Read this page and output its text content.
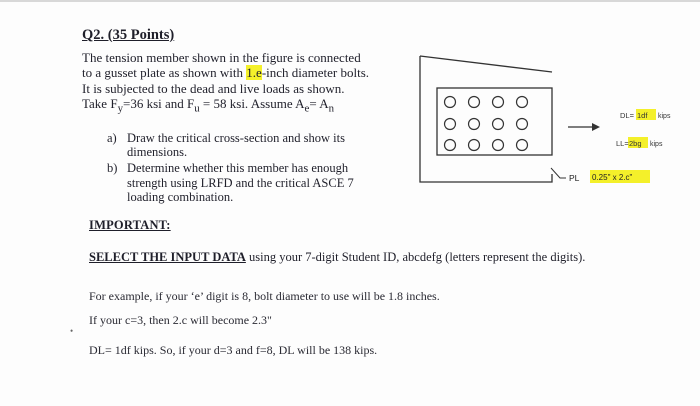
Q2. (35 Points)
The tension member shown in the figure is connected
to a gusset plate as shown with 1.e-inch diameter bolts.
It is subjected to the dead and live loads as shown.
Take $F_y=36$ ksi and $F_u = 58$ ksi. Assume $A_e= A_n$
a) Draw the critical cross-section and show its
dimensions.
b) Determine whether this member has enough
strength using LRFD and the critical ASCE 7
loading combination.
DL= 1df kips
LL= 2bg kips
PL 0.25" x 2.c"
IMPORTANT:
SELECT THE INPUT DATA using your 7-digit Student ID, abcdefg (letters represent the digits).
For example, if your ‘e’ digit is 8, bolt diameter to use will be 1.8 inches.
•
If your c=3, then 2.c will become 2.3"
DL= 1df kips. So, if your d=3 and f=8, DL will be 138 kips.
